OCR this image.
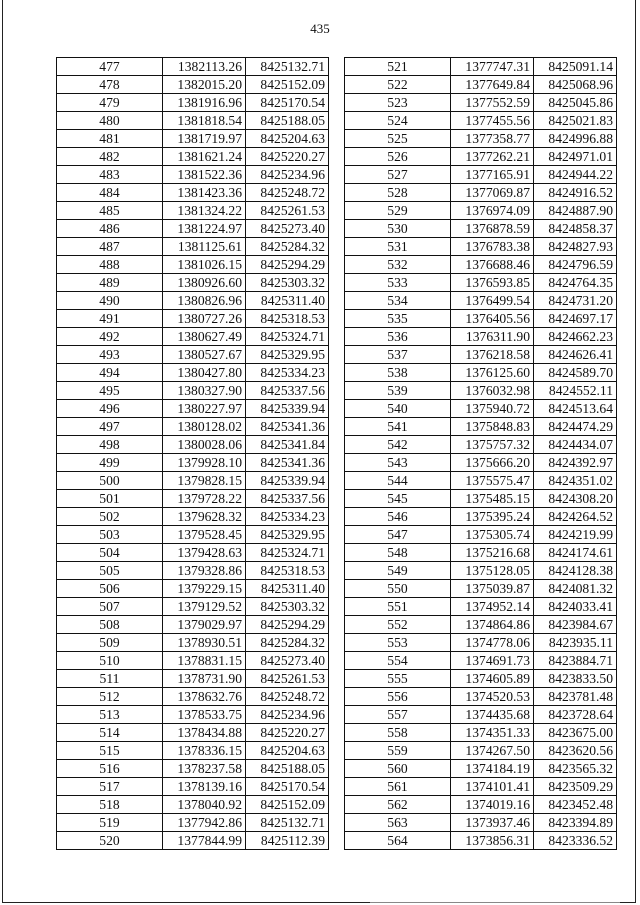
435
477	1382113.26	8425132.71
478	1382015.20	8425152.09
479	1381916.96	8425170.54
480	1381818.54	8425188.05
481	1381719.97	8425204.63
482	1381621.24	8425220.27
483	1381522.36	8425234.96
484	1381423.36	8425248.72
485	1381324.22	8425261.53
486	1381224.97	8425273.40
487	1381125.61	8425284.32
488	1381026.15	8425294.29
489	1380926.60	8425303.32
490	1380826.96	8425311.40
491	1380727.26	8425318.53
492	1380627.49	8425324.71
493	1380527.67	8425329.95
494	1380427.80	8425334.23
495	1380327.90	8425337.56
496	1380227.97	8425339.94
497	1380128.02	8425341.36
498	1380028.06	8425341.84
499	1379928.10	8425341.36
500	1379828.15	8425339.94
501	1379728.22	8425337.56
502	1379628.32	8425334.23
503	1379528.45	8425329.95
504	1379428.63	8425324.71
505	1379328.86	8425318.53
506	1379229.15	8425311.40
507	1379129.52	8425303.32
508	1379029.97	8425294.29
509	1378930.51	8425284.32
510	1378831.15	8425273.40
511	1378731.90	8425261.53
512	1378632.76	8425248.72
513	1378533.75	8425234.96
514	1378434.88	8425220.27
515	1378336.15	8425204.63
516	1378237.58	8425188.05
517	1378139.16	8425170.54
518	1378040.92	8425152.09
519	1377942.86	8425132.71
520	1377844.99	8425112.39
521	1377747.31	8425091.14
522	1377649.84	8425068.96
523	1377552.59	8425045.86
524	1377455.56	8425021.83
525	1377358.77	8424996.88
526	1377262.21	8424971.01
527	1377165.91	8424944.22
528	1377069.87	8424916.52
529	1376974.09	8424887.90
530	1376878.59	8424858.37
531	1376783.38	8424827.93
532	1376688.46	8424796.59
533	1376593.85	8424764.35
534	1376499.54	8424731.20
535	1376405.56	8424697.17
536	1376311.90	8424662.23
537	1376218.58	8424626.41
538	1376125.60	8424589.70
539	1376032.98	8424552.11
540	1375940.72	8424513.64
541	1375848.83	8424474.29
542	1375757.32	8424434.07
543	1375666.20	8424392.97
544	1375575.47	8424351.02
545	1375485.15	8424308.20
546	1375395.24	8424264.52
547	1375305.74	8424219.99
548	1375216.68	8424174.61
549	1375128.05	8424128.38
550	1375039.87	8424081.32
551	1374952.14	8424033.41
552	1374864.86	8423984.67
553	1374778.06	8423935.11
554	1374691.73	8423884.71
555	1374605.89	8423833.50
556	1374520.53	8423781.48
557	1374435.68	8423728.64
558	1374351.33	8423675.00
559	1374267.50	8423620.56
560	1374184.19	8423565.32
561	1374101.41	8423509.29
562	1374019.16	8423452.48
563	1373937.46	8423394.89
564	1373856.31	8423336.52
